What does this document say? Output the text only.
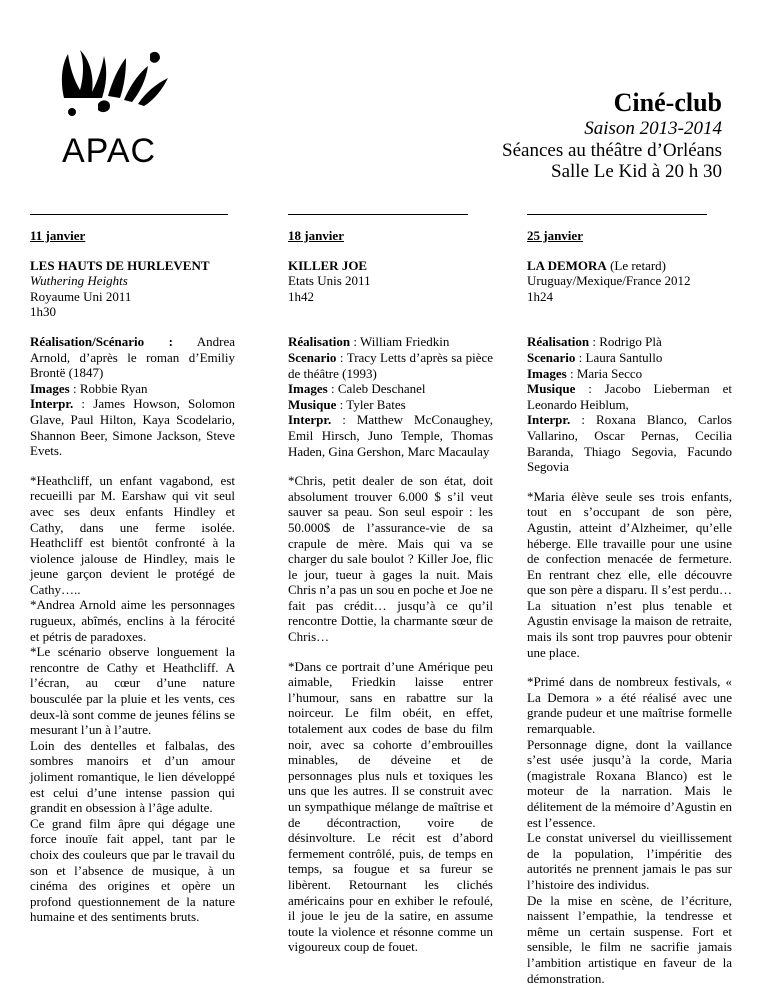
APAC
Ciné-club
Saison 2013-2014
Séances au théâtre d’Orléans
Salle Le Kid à 20 h 30
11 janvier
LES HAUTS DE HURLEVENT
Wuthering Heights
Royaume Uni 2011
1h30
Réalisation/Scénario : Andrea Arnold, d’après le roman d’Emiliy Brontë (1847)
Images : Robbie Ryan
Interpr. : James Howson, Solomon Glave, Paul Hilton, Kaya Scodelario, Shannon Beer, Simone Jackson, Steve Evets.
*Heathcliff, un enfant vagabond, est recueilli par M. Earshaw qui vit seul avec ses deux enfants Hindley et Cathy, dans une ferme isolée. Heathcliff est bientôt confronté à la violence jalouse de Hindley, mais le jeune garçon devient le protégé de Cathy…..
*Andrea Arnold aime les personnages rugueux, abîmés, enclins à la férocité et pétris de paradoxes.
*Le scénario observe longuement la rencontre de Cathy et Heathcliff. A l’écran, au cœur d’une nature bousculée par la pluie et les vents, ces deux-là sont comme de jeunes félins se mesurant l’un à l’autre.
Loin des dentelles et falbalas, des sombres manoirs et d’un amour joliment romantique, le lien développé est celui d’une intense passion qui grandit en obsession à l’âge adulte.
Ce grand film âpre qui dégage une force inouïe fait appel, tant par le choix des couleurs que par le travail du son et l’absence de musique, à un cinéma des origines et opère un profond questionnement de la nature humaine et des sentiments bruts.
18 janvier
KILLER JOE
Etats Unis 2011
1h42
Réalisation : William Friedkin
Scenario : Tracy Letts d’après sa pièce de théâtre (1993)
Images : Caleb Deschanel
Musique : Tyler Bates
Interpr. : Matthew McConaughey, Emil Hirsch, Juno Temple, Thomas Haden, Gina Gershon, Marc Macaulay
*Chris, petit dealer de son état, doit absolument trouver 6.000 $ s’il veut sauver sa peau. Son seul espoir : les 50.000$ de l’assurance-vie de sa crapule de mère. Mais qui va se charger du sale boulot ? Killer Joe, flic le jour, tueur à gages la nuit. Mais Chris n’a pas un sou en poche et Joe ne fait pas crédit… jusqu’à ce qu’il rencontre Dottie, la charmante sœur de Chris…
*Dans ce portrait d’une Amérique peu aimable, Friedkin laisse entrer l’humour, sans en rabattre sur la noirceur. Le film obéit, en effet, totalement aux codes de base du film noir, avec sa cohorte d’embrouilles minables, de déveine et de personnages plus nuls et toxiques les uns que les autres. Il se construit avec un sympathique mélange de maîtrise et de décontraction, voire de désinvolture. Le récit est d’abord fermement contrôlé, puis, de temps en temps, sa fougue et sa fureur se libèrent. Retournant les clichés américains pour en exhiber le refoulé, il joue le jeu de la satire, en assume toute la violence et résonne comme un vigoureux coup de fouet.
25 janvier
LA DEMORA (Le retard)
Uruguay/Mexique/France 2012
1h24
Réalisation : Rodrigo Plà
Scenario : Laura Santullo
Images : Maria Secco
Musique : Jacobo Lieberman et Leonardo Heiblum,
Interpr. : Roxana Blanco, Carlos Vallarino, Oscar Pernas, Cecilia Baranda, Thiago Segovia, Facundo Segovia
*Maria élève seule ses trois enfants, tout en s’occupant de son père, Agustin, atteint d’Alzheimer, qu’elle héberge. Elle travaille pour une usine de confection menacée de fermeture. En rentrant chez elle, elle découvre que son père a disparu. Il s’est perdu… La situation n’est plus tenable et Agustin envisage la maison de retraite, mais ils sont trop pauvres pour obtenir une place.
*Primé dans de nombreux festivals, « La Demora » a été réalisé avec une grande pudeur et une maîtrise formelle remarquable.
Personnage digne, dont la vaillance s’est usée jusqu’à la corde, Maria (magistrale Roxana Blanco) est le moteur de la narration. Mais le délitement de la mémoire d’Agustin en est l’essence.
Le constat universel du vieillissement de la population, l’impéritie des autorités ne prennent jamais le pas sur l’histoire des individus.
De la mise en scène, de l’écriture, naissent l’empathie, la tendresse et même un certain suspense. Fort et sensible, le film ne sacrifie jamais l’ambition artistique en faveur de la démonstration.
